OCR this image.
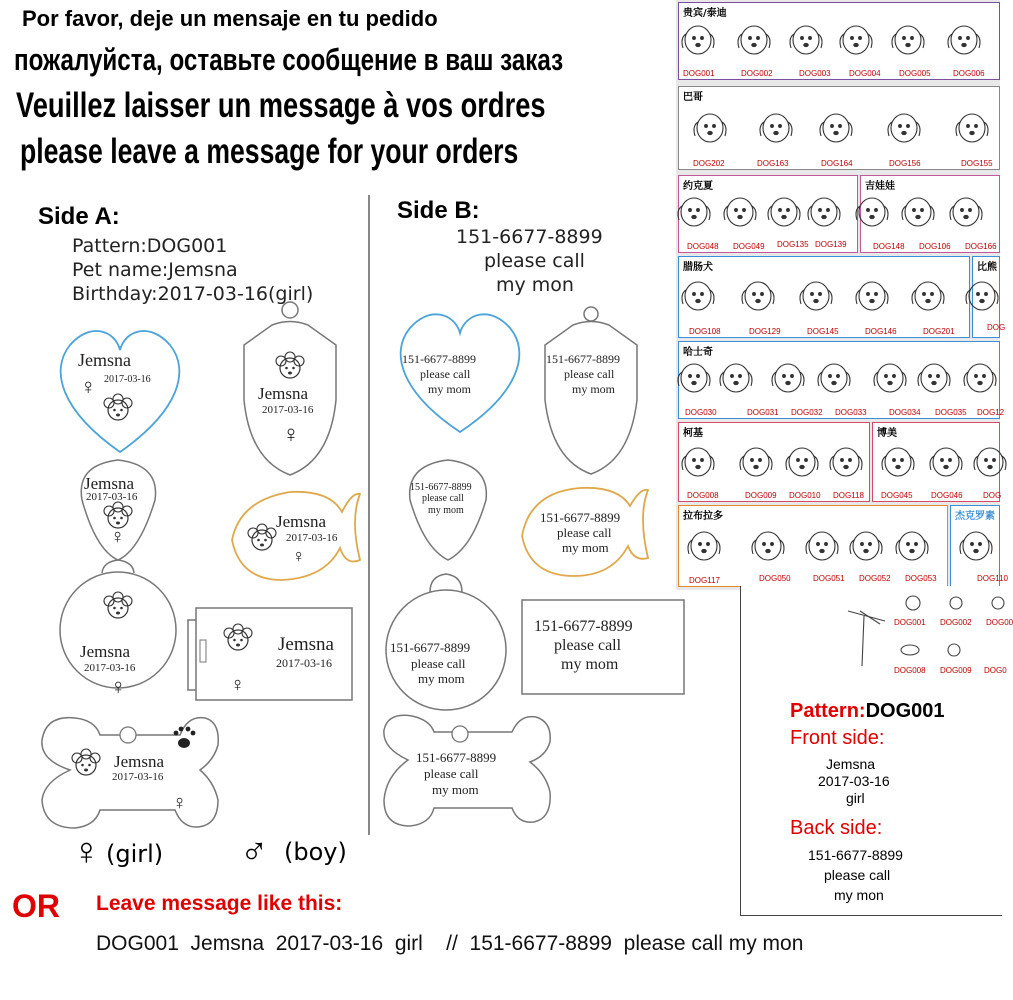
Por favor, deje un mensaje en tu pedido
пожалуйста, оставьте сообщение в ваш заказ
Veuillez laisser un message à vos ordres
please leave a message for your orders
Side A:
Pattern:DOG001
Pet name:Jemsna
Birthday:2017-03-16(girl)
Side B:
151-6677-8899
please call
my mon
Jemsna
2017-03-16
♀	Jemsna
2017-03-16
♀
Jemsna
2017-03-16
♀
Jemsna
2017-03-16
♀
Jemsna
2017-03-16
♀
Jemsna
2017-03-16
♀
Jemsna
2017-03-16
♀
151-6677-8899
please call
my mom
151-6677-8899
please call
my mom
151-6677-8899
please call
my mom	151-6677-8899
please call
my mom
151-6677-8899
please call
my mom
151-6677-8899
please call
my mom
151-6677-8899
please call
my mom
♀ (girl) ♂ (boy)
OR Leave message like this:
DOG001  Jemsna  2017-03-16  girl    //  151-6677-8899  please call my mon
贵宾/泰迪
DOG001	DOG002	DOG003 DOG004 DOG005	DOG006
巴哥
DOG202	DOG163	DOG164	DOG156	DOG155
约克夏
DOG048 DOG049 DOG135 DOG139
吉娃娃
DOG148 DOG106 DOG166
腊肠犬
DOG108	DOG129	DOG145	DOG146	DOG201
比熊
DOG
哈士奇
DOG030	DOG031 DOG032 DOG033	DOG034 DOG035 DOG12
柯基
DOG008	DOG009 DOG010 DOG118
博美
DOG045 DOG046	DOG
拉布拉多
DOG117	DOG050	DOG051 DOG052 DOG053
杰克罗素
DOG110
DOG001 DOG002 DOG00
DOG008 DOG009 DOG0
Pattern:DOG001
Front side:
Jemsna
2017-03-16
girl
Back side:
151-6677-8899
please call
my mon
